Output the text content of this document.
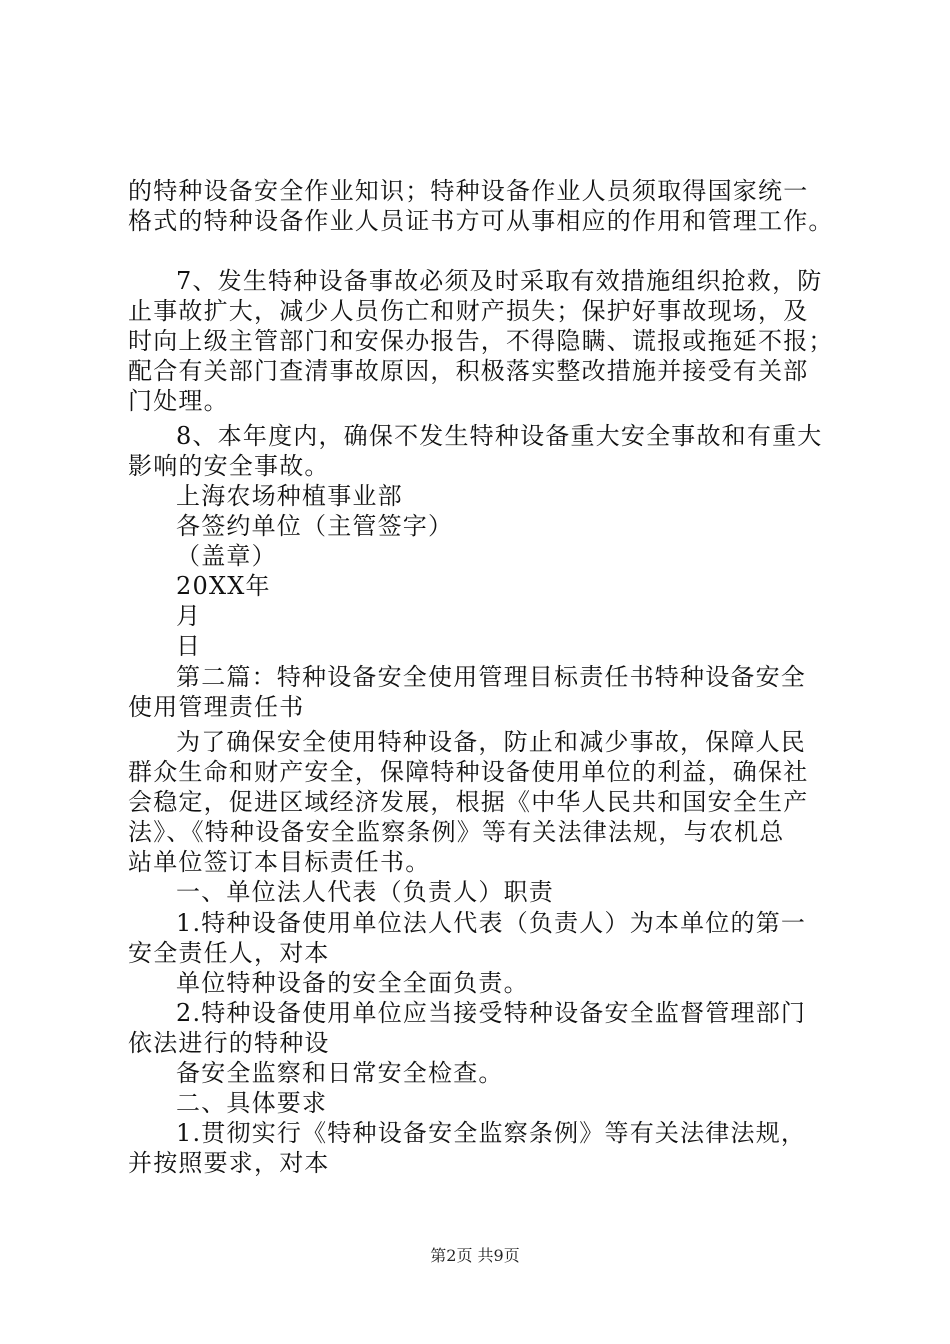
的特种设备安全作业知识；特种设备作业人员须取得国家统一
格式的特种设备作业人员证书方可从事相应的作用和管理工作。
7、发生特种设备事故必须及时采取有效措施组织抢救，防
止事故扩大，减少人员伤亡和财产损失；保护好事故现场，及
时向上级主管部门和安保办报告，不得隐瞒、谎报或拖延不报；
配合有关部门查清事故原因，积极落实整改措施并接受有关部
门处理。
8、本年度内，确保不发生特种设备重大安全事故和有重大
影响的安全事故。
上海农场种植事业部
各签约单位（主管签字）
（盖章）
20XX年
月
日
第二篇：特种设备安全使用管理目标责任书特种设备安全
使用管理责任书
为了确保安全使用特种设备，防止和减少事故，保障人民
群众生命和财产安全，保障特种设备使用单位的利益，确保社
会稳定，促进区域经济发展，根据《中华人民共和国安全生产
法》、《特种设备安全监察条例》等有关法律法规，与农机总
站单位签订本目标责任书。
一、单位法人代表（负责人）职责
1.特种设备使用单位法人代表（负责人）为本单位的第一
安全责任人，对本
单位特种设备的安全全面负责。
2.特种设备使用单位应当接受特种设备安全监督管理部门
依法进行的特种设
备安全监察和日常安全检查。
二、具体要求
1.贯彻实行《特种设备安全监察条例》等有关法律法规，
并按照要求，对本
第2页 共9页
